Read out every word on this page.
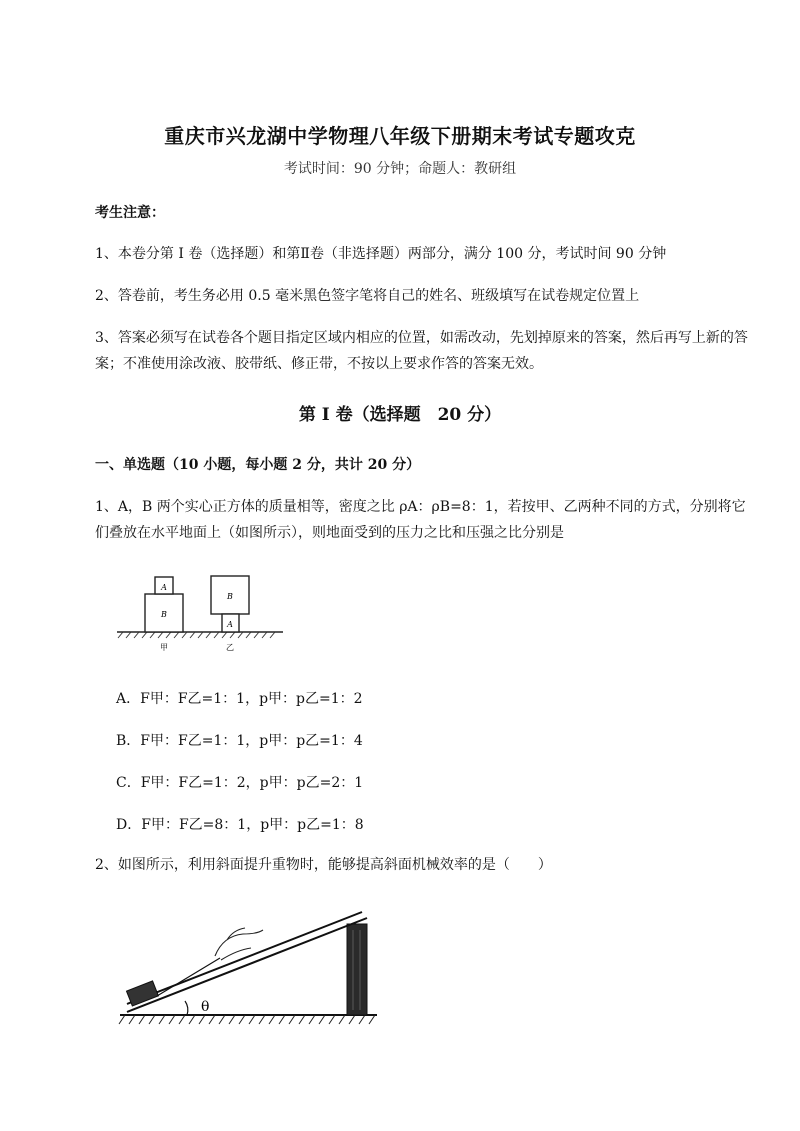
重庆市兴龙湖中学物理八年级下册期末考试专题攻克
考试时间：90 分钟；命题人：教研组
考生注意：
1、本卷分第 I 卷（选择题）和第Ⅱ卷（非选择题）两部分，满分 100 分，考试时间 90 分钟
2、答卷前，考生务必用 0.5 毫米黑色签字笔将自己的姓名、班级填写在试卷规定位置上
3、答案必须写在试卷各个题目指定区域内相应的位置，如需改动，先划掉原来的答案，然后再写上新的答案；不准使用涂改液、胶带纸、修正带，不按以上要求作答的答案无效。
第 I 卷（选择题　20 分）
一、单选题（10 小题，每小题 2 分，共计 20 分）
1、A，B 两个实心正方体的质量相等，密度之比 ρA：ρB=8：1，若按甲、乙两种不同的方式，分别将它们叠放在水平地面上（如图所示），则地面受到的压力之比和压强之比分别是
A
B
B
A
甲	乙
A．F甲：F乙=1：1，p甲：p乙=1：2
B．F甲：F乙=1：1，p甲：p乙=1：4
C．F甲：F乙=1：2，p甲：p乙=2：1
D．F甲：F乙=8：1，p甲：p乙=1：8
2、如图所示，利用斜面提升重物时，能够提高斜面机械效率的是（　　）
θ
